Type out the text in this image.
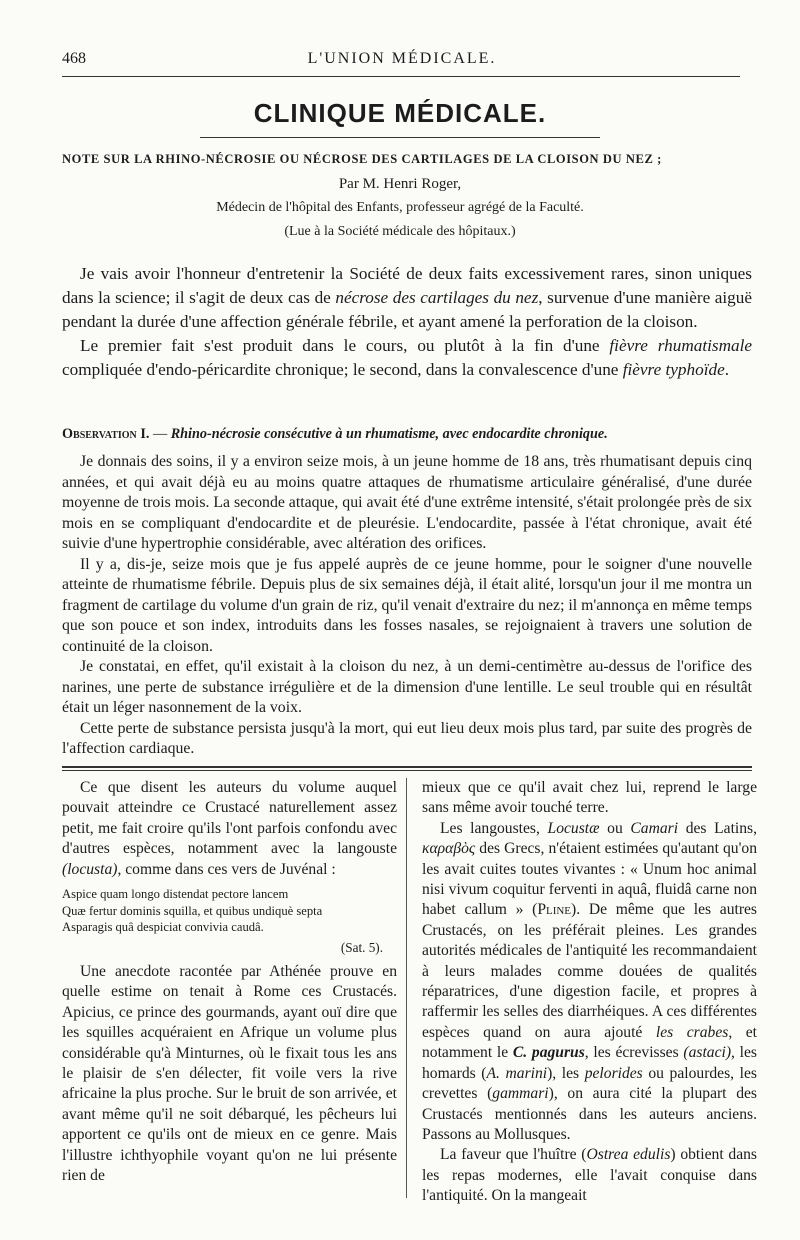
468	L'UNION MÉDICALE.
CLINIQUE MÉDICALE.
NOTE SUR LA RHINO-NÉCROSIE OU NÉCROSE DES CARTILAGES DE LA CLOISON DU NEZ ;
Par M. Henri Roger,
Médecin de l'hôpital des Enfants, professeur agrégé de la Faculté.
(Lue à la Société médicale des hôpitaux.)

Je vais avoir l'honneur d'entretenir la Société de deux faits excessivement rares, sinon uniques dans la science; il s'agit de deux cas de nécrose des cartilages du nez, survenue d'une manière aiguë pendant la durée d'une affection générale fébrile, et ayant amené la perforation de la cloison.

Le premier fait s'est produit dans le cours, ou plutôt à la fin d'une fièvre rhumatismale compliquée d'endo-péricardite chronique; le second, dans la convalescence d'une fièvre typhoïde.

Observation I. — Rhino-nécrosie consécutive à un rhumatisme, avec endocardite chronique.

Je donnais des soins, il y a environ seize mois, à un jeune homme de 18 ans, très rhumatisant depuis cinq années, et qui avait déjà eu au moins quatre attaques de rhumatisme articulaire généralisé, d'une durée moyenne de trois mois. La seconde attaque, qui avait été d'une extrême intensité, s'était prolongée près de six mois en se compliquant d'endocardite et de pleurésie. L'endocardite, passée à l'état chronique, avait été suivie d'une hypertrophie considérable, avec altération des orifices.

Il y a, dis-je, seize mois que je fus appelé auprès de ce jeune homme, pour le soigner d'une nouvelle atteinte de rhumatisme fébrile. Depuis plus de six semaines déjà, il était alité, lorsqu'un jour il me montra un fragment de cartilage du volume d'un grain de riz, qu'il venait d'extraire du nez; il m'annonça en même temps que son pouce et son index, introduits dans les fosses nasales, se rejoignaient à travers une solution de continuité de la cloison.

Je constatai, en effet, qu'il existait à la cloison du nez, à un demi-centimètre au-dessus de l'orifice des narines, une perte de substance irrégulière et de la dimension d'une lentille. Le seul trouble qui en résultât était un léger nasonnement de la voix.

Cette perte de substance persista jusqu'à la mort, qui eut lieu deux mois plus tard, par suite des progrès de l'affection cardiaque.

Ce que disent les auteurs du volume auquel pouvait atteindre ce Crustacé naturellement assez petit, me fait croire qu'ils l'ont parfois confondu avec d'autres espèces, notamment avec la langouste (locusta), comme dans ces vers de Juvénal :

Aspice quam longo distendat pectore lancem
Quæ fertur dominis squilla, et quibus undiquè septa
Asparagis quâ despiciat convivia caudâ.
(Sat. 5).

Une anecdote racontée par Athénée prouve en quelle estime on tenait à Rome ces Crustacés. Apicius, ce prince des gourmands, ayant ouï dire que les squilles acquéraient en Afrique un volume plus considérable qu'à Minturnes, où le fixait tous les ans le plaisir de s'en délecter, fit voile vers la rive africaine la plus proche. Sur le bruit de son arrivée, et avant même qu'il ne soit débarqué, les pêcheurs lui apportent ce qu'ils ont de mieux en ce genre. Mais l'illustre ichthyophile voyant qu'on ne lui présente rien de

mieux que ce qu'il avait chez lui, reprend le large sans même avoir touché terre.

Les langoustes, Locustæ ou Camari des Latins, καραβὸς des Grecs, n'étaient estimées qu'autant qu'on les avait cuites toutes vivantes : « Unum hoc animal nisi vivum coquitur ferventi in aquâ, fluidâ carne non habet callum » (Pline). De même que les autres Crustacés, on les préférait pleines. Les grandes autorités médicales de l'antiquité les recommandaient à leurs malades comme douées de qualités réparatrices, d'une digestion facile, et propres à raffermir les selles des diarrhéiques. A ces différentes espèces quand on aura ajouté les crabes, et notamment le C. pagurus, les écrevisses (astaci), les homards (A. marini), les pelorides ou palourdes, les crevettes (gammari), on aura cité la plupart des Crustacés mentionnés dans les auteurs anciens. Passons au Mollusques.

La faveur que l'huître (Ostrea edulis) obtient dans les repas modernes, elle l'avait conquise dans l'antiquité. On la mangeait
